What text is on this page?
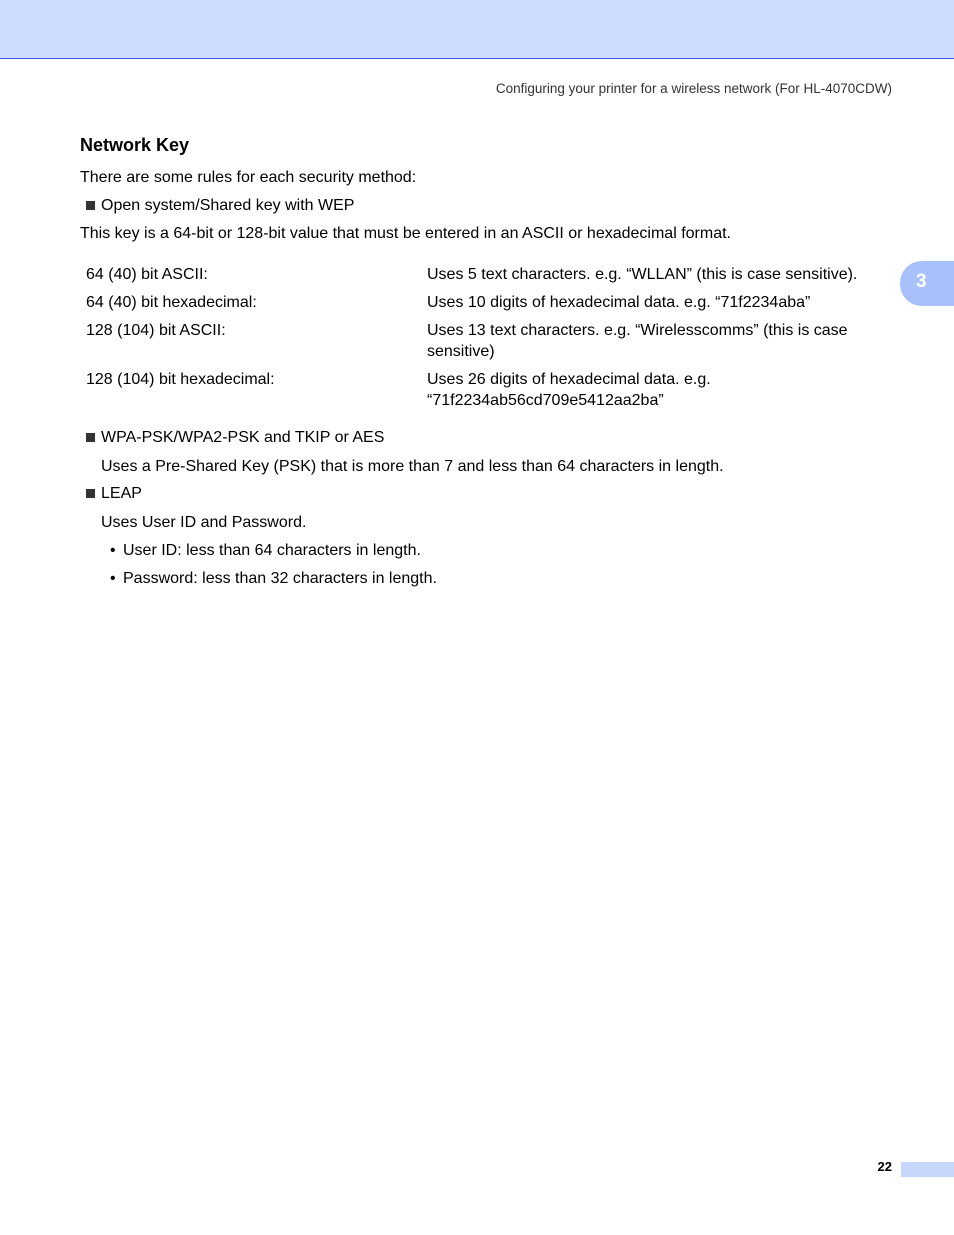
Configuring your printer for a wireless network (For HL-4070CDW)
3
Network Key

There are some rules for each security method:

Open system/Shared key with WEP

This key is a 64-bit or 128-bit value that must be entered in an ASCII or hexadecimal format.

64 (40) bit ASCII:	Uses 5 text characters. e.g. “WLLAN” (this is case sensitive).
64 (40) bit hexadecimal:	Uses 10 digits of hexadecimal data. e.g. “71f2234aba”
128 (104) bit ASCII:	Uses 13 text characters. e.g. “Wirelesscomms” (this is case sensitive)
128 (104) bit hexadecimal:	Uses 26 digits of hexadecimal data. e.g. “71f2234ab56cd709e5412aa2ba”
WPA-PSK/WPA2-PSK and TKIP or AES
Uses a Pre-Shared Key (PSK) that is more than 7 and less than 64 characters in length.
LEAP
Uses User ID and Password.
• User ID: less than 64 characters in length.
• Password: less than 32 characters in length.
22
